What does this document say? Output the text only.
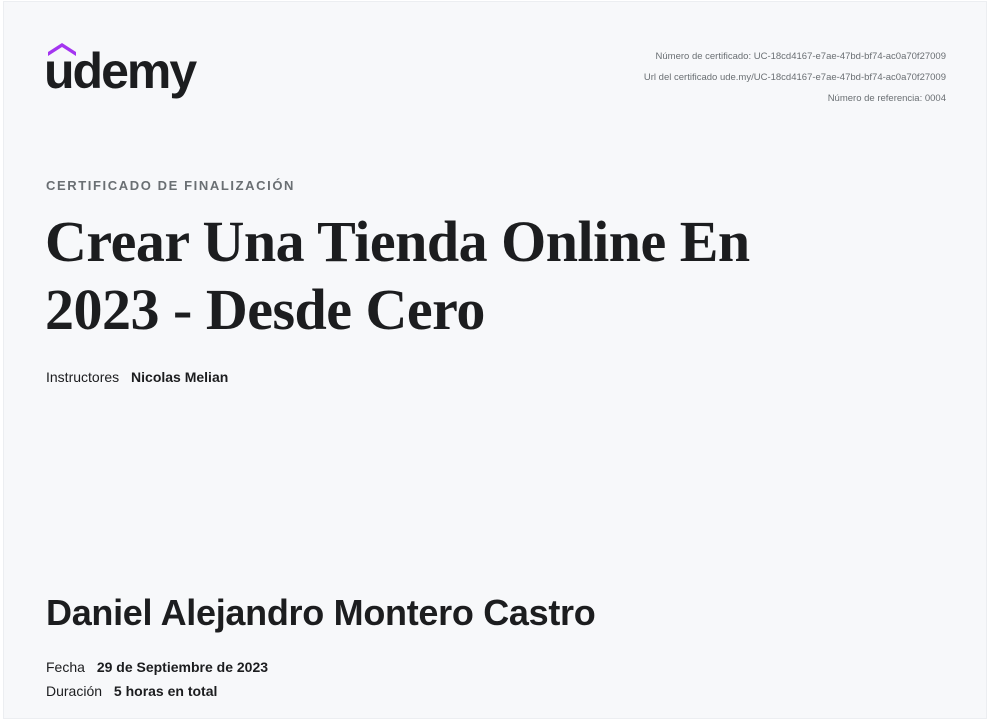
udemy	Número de certificado: UC-18cd4167-e7ae-47bd-bf74-ac0a70f27009
Url del certificado ude.my/UC-18cd4167-e7ae-47bd-bf74-ac0a70f27009
Número de referencia: 0004
CERTIFICADO DE FINALIZACIÓN
Crear Una Tienda Online En
2023 - Desde Cero
Instructores Nicolas Melian
Daniel Alejandro Montero Castro
Fecha 29 de Septiembre de 2023
Duración 5 horas en total
